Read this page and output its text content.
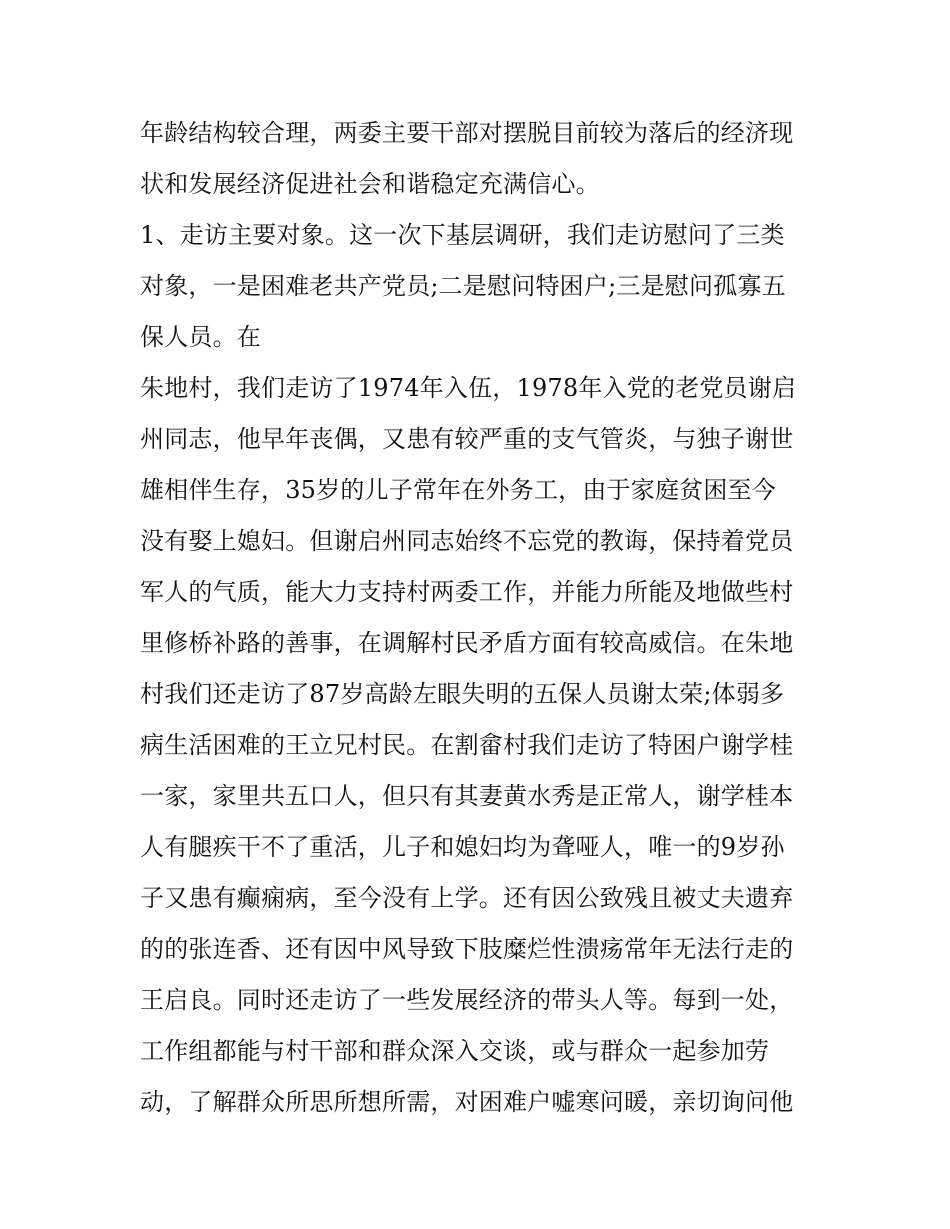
年龄结构较合理，两委主要干部对摆脱目前较为落后的经济现
状和发展经济促进社会和谐稳定充满信心。
1、走访主要对象。这一次下基层调研，我们走访慰问了三类
对象，一是困难老共产党员;二是慰问特困户;三是慰问孤寡五
保人员。在
朱地村，我们走访了1974年入伍，1978年入党的老党员谢启
州同志，他早年丧偶，又患有较严重的支气管炎，与独子谢世
雄相伴生存，35岁的儿子常年在外务工，由于家庭贫困至今
没有娶上媳妇。但谢启州同志始终不忘党的教诲，保持着党员
军人的气质，能大力支持村两委工作，并能力所能及地做些村
里修桥补路的善事，在调解村民矛盾方面有较高威信。在朱地
村我们还走访了87岁高龄左眼失明的五保人员谢太荣;体弱多
病生活困难的王立兄村民。在割畲村我们走访了特困户谢学桂
一家，家里共五口人，但只有其妻黄水秀是正常人，谢学桂本
人有腿疾干不了重活，儿子和媳妇均为聋哑人，唯一的9岁孙
子又患有癫痫病，至今没有上学。还有因公致残且被丈夫遗弃
的的张连香、还有因中风导致下肢糜烂性溃疡常年无法行走的
王启良。同时还走访了一些发展经济的带头人等。每到一处，
工作组都能与村干部和群众深入交谈，或与群众一起参加劳
动，了解群众所思所想所需，对困难户嘘寒问暖，亲切询问他
